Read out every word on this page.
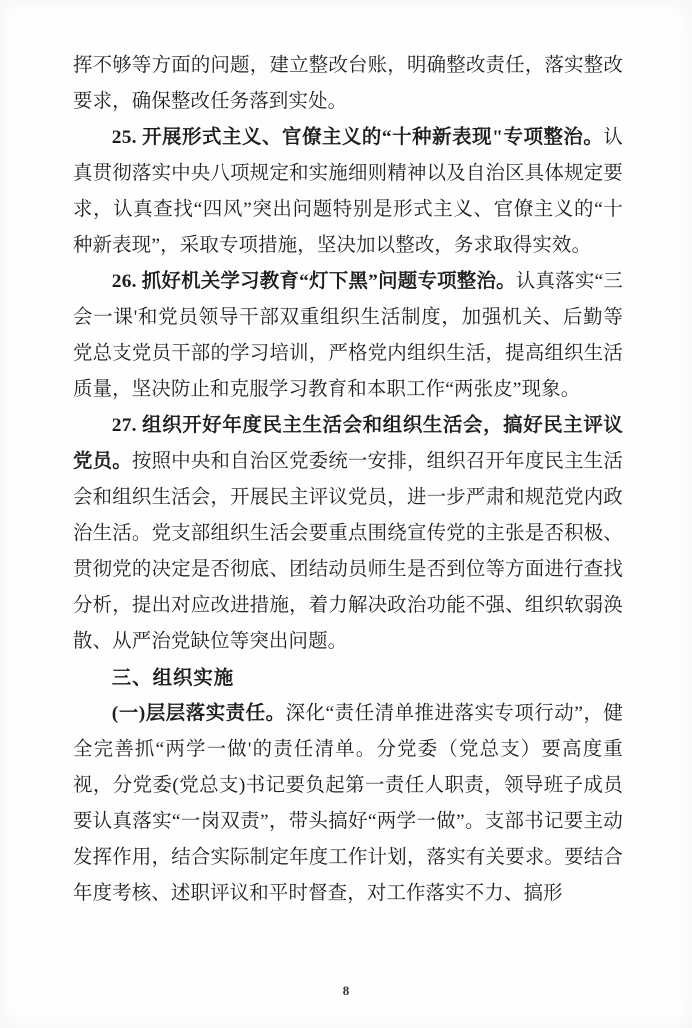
挥不够等方面的问题，建立整改台账，明确整改责任，落实整改要求，确保整改任务落到实处。

25. 开展形式主义、官僚主义的“十种新表现"专项整治。认真贯彻落实中央八项规定和实施细则精神以及自治区具体规定要求，认真查找“四风”突出问题特别是形式主义、官僚主义的“十种新表现”，采取专项措施，坚决加以整改，务求取得实效。

26. 抓好机关学习教育“灯下黑”问题专项整治。认真落实“三会一课'和党员领导干部双重组织生活制度，加强机关、后勤等党总支党员干部的学习培训，严格党内组织生活，提高组织生活质量，坚决防止和克服学习教育和本职工作“两张皮”现象。

27. 组织开好年度民主生活会和组织生活会，搞好民主评议党员。按照中央和自治区党委统一安排，组织召开年度民主生活会和组织生活会，开展民主评议党员，进一步严肃和规范党内政治生活。党支部组织生活会要重点围绕宣传党的主张是否积极、贯彻党的决定是否彻底、团结动员师生是否到位等方面进行查找分析，提出对应改进措施，着力解决政治功能不强、组织软弱涣散、从严治党缺位等突出问题。

三、组织实施

(一)层层落实责任。深化“责任清单推进落实专项行动”，健全完善抓“两学一做'的责任清单。分党委（党总支）要高度重视，分党委(党总支)书记要负起第一责任人职责，领导班子成员要认真落实“一岗双责”，带头搞好“两学一做”。支部书记要主动发挥作用，结合实际制定年度工作计划，落实有关要求。要结合年度考核、述职评议和平时督查，对工作落实不力、搞形

8
